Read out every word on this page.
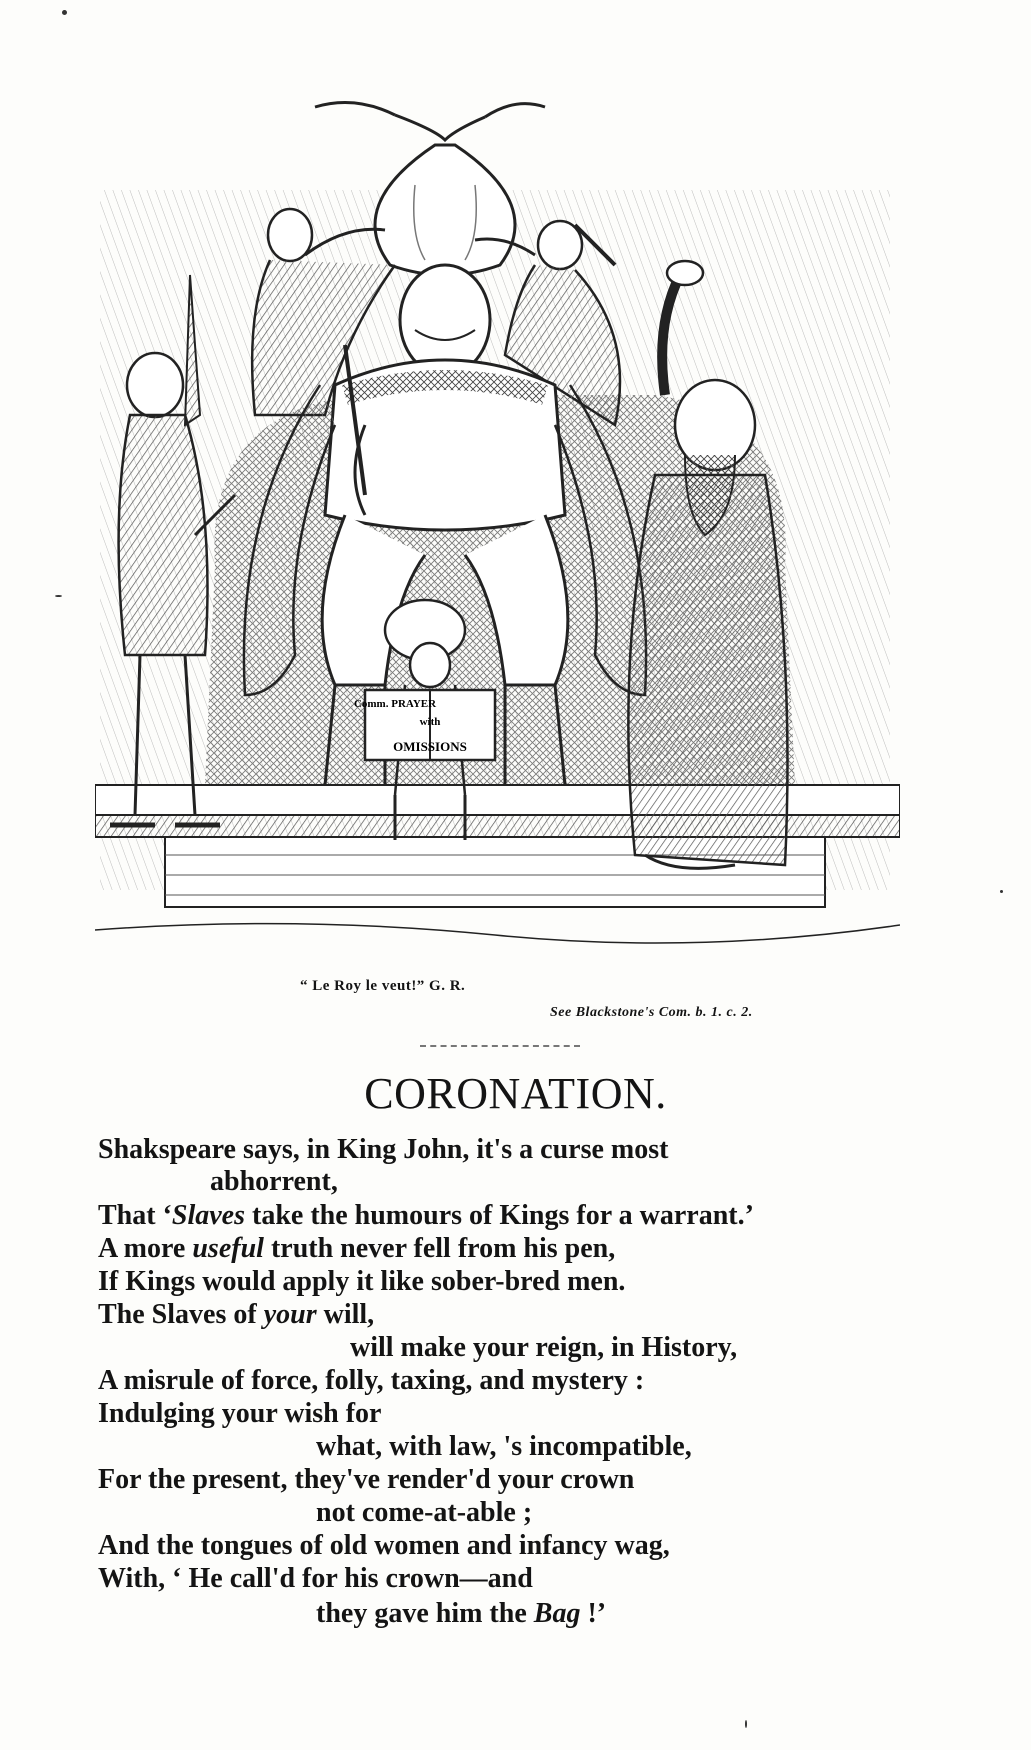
Comm. PRAYER
with
OMISSIONS
“ Le Roy le veut!” G. R.
See Blackstone's Com. b. 1. c. 2.
CORONATION.
Shakspeare says, in King John, it's a curse most
abhorrent,
That ‘Slaves take the humours of Kings for a warrant.’
A more useful truth never fell from his pen,
If Kings would apply it like sober-bred men.
The Slaves of your will,
will make your reign, in History,
A misrule of force, folly, taxing, and mystery :
Indulging your wish for
what, with law, 's incompatible,
For the present, they've render'd your crown
not come-at-able ;
And the tongues of old women and infancy wag,
With, ‘ He call'd for his crown—and
they gave him the Bag !’
